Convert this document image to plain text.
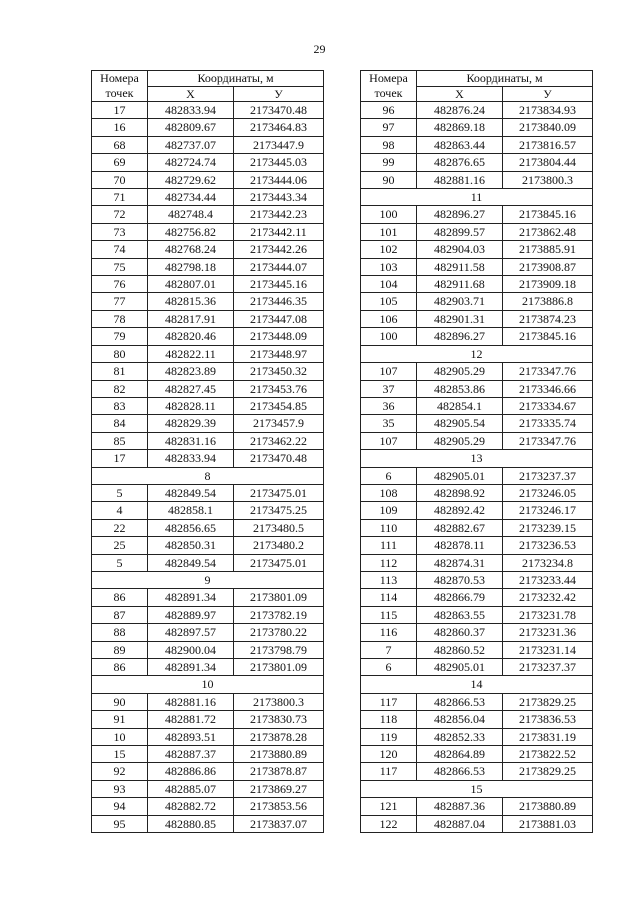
29
Номера точек	Координаты, м	
	X	У
17	482833.94	2173470.48
16	482809.67	2173464.83
68	482737.07	2173447.9
69	482724.74	2173445.03
70	482729.62	2173444.06
71	482734.44	2173443.34
72	482748.4	2173442.23
73	482756.82	2173442.11
74	482768.24	2173442.26
75	482798.18	2173444.07
76	482807.01	2173445.16
77	482815.36	2173446.35
78	482817.91	2173447.08
79	482820.46	2173448.09
80	482822.11	2173448.97
81	482823.89	2173450.32
82	482827.45	2173453.76
83	482828.11	2173454.85
84	482829.39	2173457.9
85	482831.16	2173462.22
17	482833.94	2173470.48
8		
5	482849.54	2173475.01
4	482858.1	2173475.25
22	482856.65	2173480.5
25	482850.31	2173480.2
5	482849.54	2173475.01
9		
86	482891.34	2173801.09
87	482889.97	2173782.19
88	482897.57	2173780.22
89	482900.04	2173798.79
86	482891.34	2173801.09
10		
90	482881.16	2173800.3
91	482881.72	2173830.73
10	482893.51	2173878.28
15	482887.37	2173880.89
92	482886.86	2173878.87
93	482885.07	2173869.27
94	482882.72	2173853.56
95	482880.85	2173837.07
Номера точек	Координаты, м	
	X	У
96	482876.24	2173834.93
97	482869.18	2173840.09
98	482863.44	2173816.57
99	482876.65	2173804.44
90	482881.16	2173800.3
11		
100	482896.27	2173845.16
101	482899.57	2173862.48
102	482904.03	2173885.91
103	482911.58	2173908.87
104	482911.68	2173909.18
105	482903.71	2173886.8
106	482901.31	2173874.23
100	482896.27	2173845.16
12		
107	482905.29	2173347.76
37	482853.86	2173346.66
36	482854.1	2173334.67
35	482905.54	2173335.74
107	482905.29	2173347.76
13		
6	482905.01	2173237.37
108	482898.92	2173246.05
109	482892.42	2173246.17
110	482882.67	2173239.15
111	482878.11	2173236.53
112	482874.31	2173234.8
113	482870.53	2173233.44
114	482866.79	2173232.42
115	482863.55	2173231.78
116	482860.37	2173231.36
7	482860.52	2173231.14
6	482905.01	2173237.37
14		
117	482866.53	2173829.25
118	482856.04	2173836.53
119	482852.33	2173831.19
120	482864.89	2173822.52
117	482866.53	2173829.25
15		
121	482887.36	2173880.89
122	482887.04	2173881.03
